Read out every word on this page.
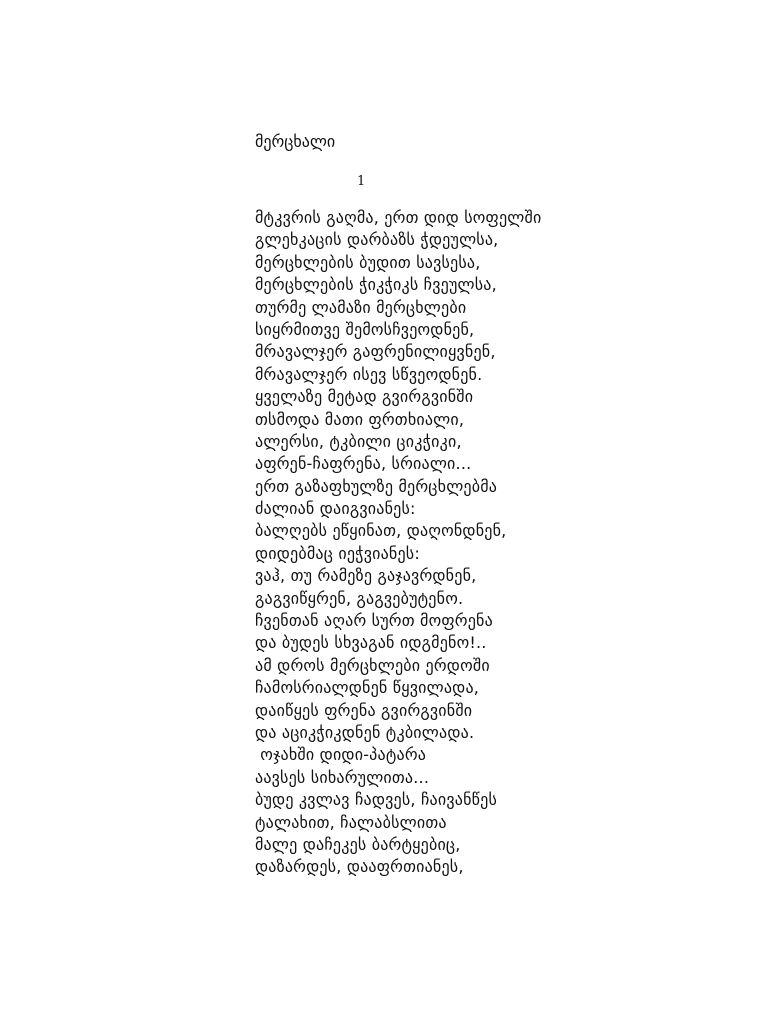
მერცხალი
1
მტკვრის გაღმა, ერთ დიდ სოფელში
გლეხკაცის დარბაზს ჭდეულსა,
მერცხლების ბუდით სავსესა,
მერცხლების ჭიკჭიკს ჩვეულსა,
თურმე ლამაზი მერცხლები
სიყრმითვე შემოსჩვეოდნენ,
მრავალჯერ გაფრენილიყვნენ,
მრავალჯერ ისევ სწვეოდნენ.
ყველაზე მეტად გვირგვინში
თსმოდა მათი ფრთხიალი,
ალერსი, ტკბილი ციკჭიკი,
აფრენ-ჩაფრენა, სრიალი...
ერთ გაზაფხულზე მერცხლებმა
ძალიან დაიგვიანეს:
ბალღებს ეწყინათ, დაღონდნენ,
დიდებმაც იეჭვიანეს:
ვაჰ, თუ რამეზე გაჯავრდნენ,
გაგვიწყრენ, გაგვებუტენო.
ჩვენთან აღარ სურთ მოფრენა
და ბუდეს სხვაგან იდგმენო!..
ამ დროს მერცხლები ერდოში
ჩამოსრიალდნენ წყვილადა,
დაიწყეს ფრენა გვირგვინში
და აციკჭიკდნენ ტკბილადა.
ოჯახში დიდი-პატარა
აავსეს სიხარულითა...
ბუდე კვლავ ჩადვეს, ჩაივანწეს
ტალახით, ჩალაბსლითა
მალე დაჩეკეს ბარტყებიც,
დაზარდეს, დააფრთიანეს,
